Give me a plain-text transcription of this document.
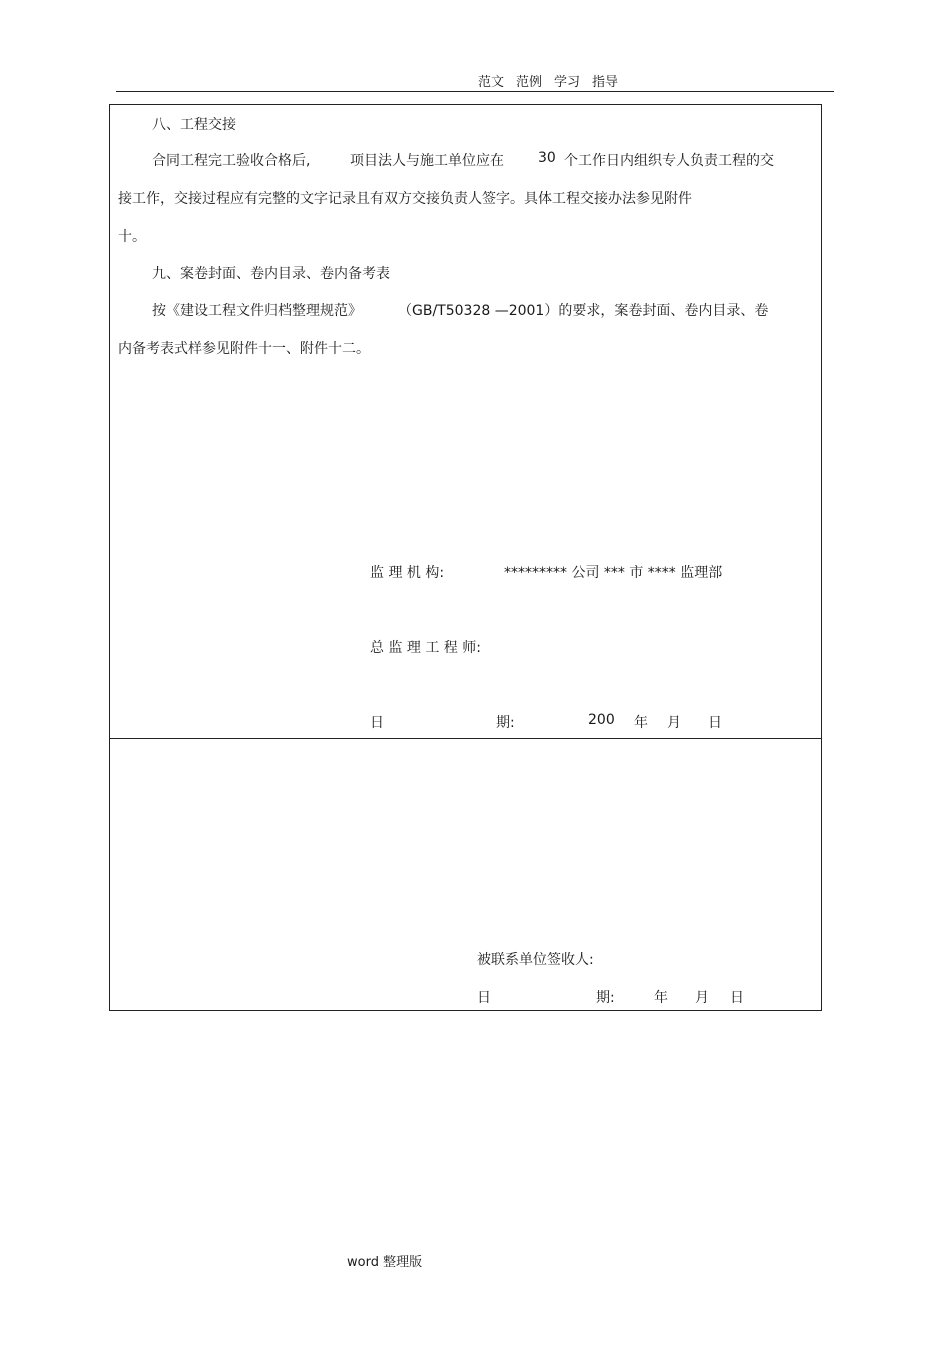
范文 范例 学习 指导
八、工程交接
合同工程完工验收合格后,	项目法人与施工单位应在 30 个工作日内组织专人负责工程的交
接工作，交接过程应有完整的文字记录且有双方交接负责人签字。具体工程交接办法参见附件
十。
九、案卷封面、卷内目录、卷内备考表
按《建设工程文件归档整理规范》	（GB/T50328 —2001）的要求，案卷封面、卷内目录、卷
内备考表式样参见附件十一、附件十二。
监 理 机 构:	********* 公司 *** 市 **** 监理部
总 监 理 工 程 师:
日	期:	200 年 月 日
被联系单位签收人:
日	期:	年 月 日
word 整理版
